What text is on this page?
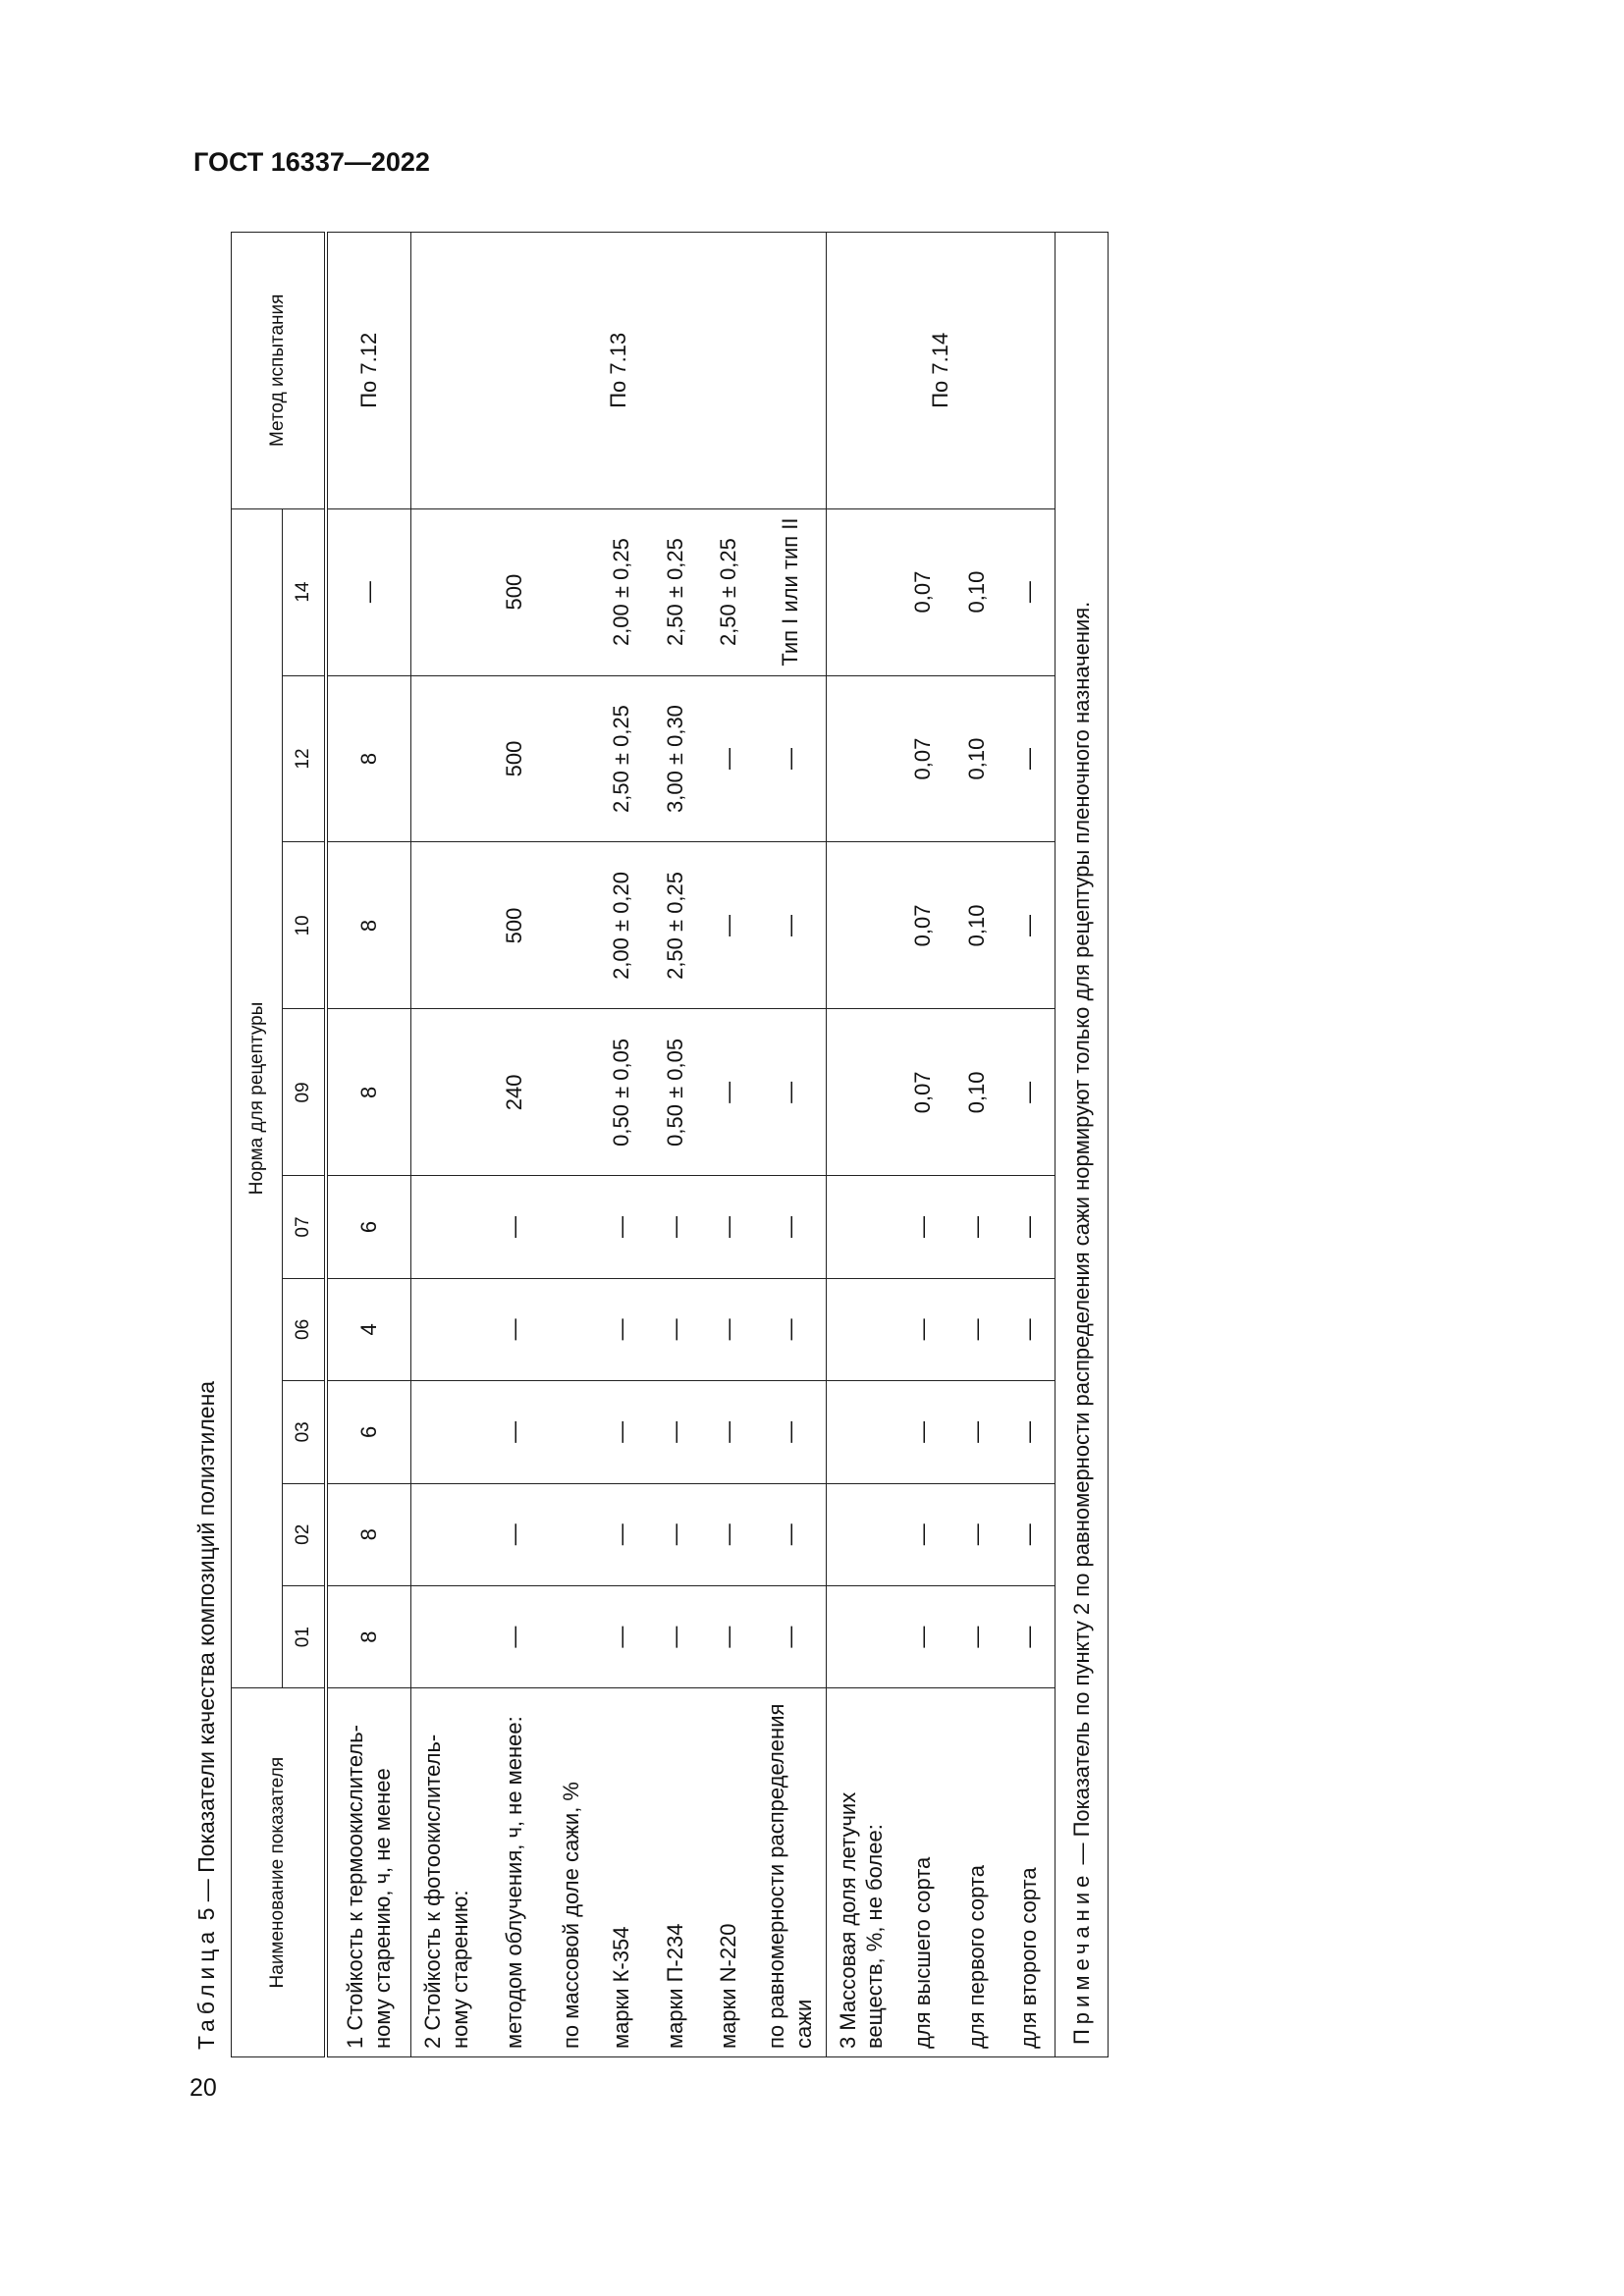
ГОСТ 16337—2022
20
Таблица 5 — Показатели качества композиций полиэтилена	Наименование показателя	Норма для рецептуры									Метод испытания
	01	02	03	06	07	09	10	12	14	
1 Стойкость к термоокислительному старению, ч, не менее	8	8	6	4	6	8	8	8	—	По 7.12
2 Стойкость к фотоокислительному старению:										По 7.13
методом облучения, ч, не менее:	—	—	—	—	—	240	500	500	500	
по массовой доле сажи, %										
марки К-354	—	—	—	—	—	0,50 ± 0,05	2,00 ± 0,20	2,50 ± 0,25	2,00 ± 0,25	
марки П-234	—	—	—	—	—	0,50 ± 0,05	2,50 ± 0,25	3,00 ± 0,30	2,50 ± 0,25	
марки N-220	—	—	—	—	—	—	—	—	2,50 ± 0,25	
по равномерности распределения сажи	—	—	—	—	—	—	—	—	Тип I или тип II	
3 Массовая доля летучих веществ, %, не более:										По 7.14
для высшего сорта	—	—	—	—	—	0,07	0,07	0,07	0,07	
для первого сорта	—	—	—	—	—	0,10	0,10	0,10	0,10	
для второго сорта	—	—	—	—	—	—	—	—	—	
Примечание — Показатель по пункту 2 по равномерности распределения сажи нормируют только для рецептуры пленочного назначения.										
